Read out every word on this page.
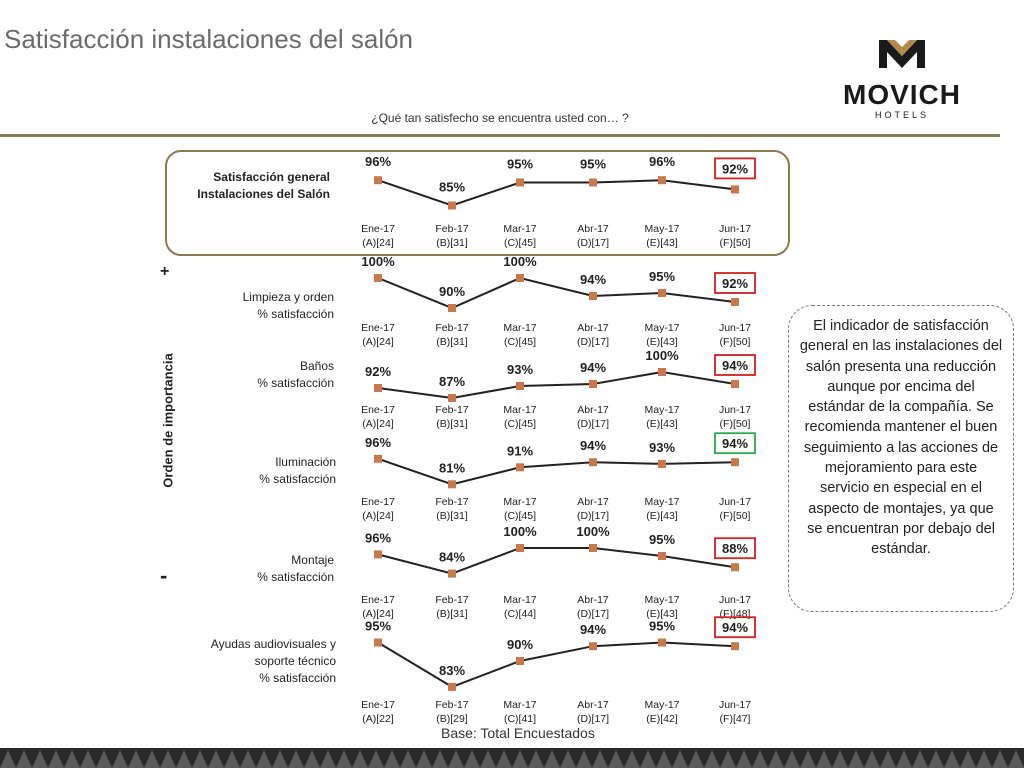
Satisfacción instalaciones del salón
MOVICH
HOTELS
¿Qué tan satisfecho se encuentra usted con… ?
Satisfacción general
Instalaciones del Salón
Limpieza y orden
% satisfacción
Baños
% satisfacción
Iluminación
% satisfacción
Montaje
% satisfacción
Ayudas audiovisuales y
soporte técnico
% satisfacción
+
Orden de importancia
-
96%
Ene-17
(A)[24]
85%
Feb-17
(B)[31]
95%
Mar-17
(C)[45]
95%
Abr-17
(D)[17]
96%
May-17
(E)[43]
92%
Jun-17
(F)[50]
100%
Ene-17
(A)[24]
90%
Feb-17
(B)[31]
100%
Mar-17
(C)[45]
94%
Abr-17
(D)[17]
95%
May-17
(E)[43]
92%
Jun-17
(F)[50]
92%
Ene-17
(A)[24]
87%
Feb-17
(B)[31]
93%
Mar-17
(C)[45]
94%
Abr-17
(D)[17]
100%
May-17
(E)[43]
94%
Jun-17
(F)[50]
96%
Ene-17
(A)[24]
81%
Feb-17
(B)[31]
91%
Mar-17
(C)[45]
94%
Abr-17
(D)[17]
93%
May-17
(E)[43]
94%
Jun-17
(F)[50]
96%
Ene-17
(A)[24]
84%
Feb-17
(B)[31]
100%
Mar-17
(C)[44]
100%
Abr-17
(D)[17]
95%
May-17
(E)[43]
88%
Jun-17
(F)[48]
95%
Ene-17
(A)[22]
83%
Feb-17
(B)[29]
90%
Mar-17
(C)[41]
94%
Abr-17
(D)[17]
95%
May-17
(E)[42]
94%
Jun-17
(F)[47]
El indicador de satisfacción general en las instalaciones del salón presenta una reducción aunque por encima del estándar de la compañía. Se recomienda mantener el buen seguimiento a las acciones de mejoramiento para este servicio en especial en el aspecto de montajes, ya que se encuentran por debajo del estándar.
Base: Total Encuestados
